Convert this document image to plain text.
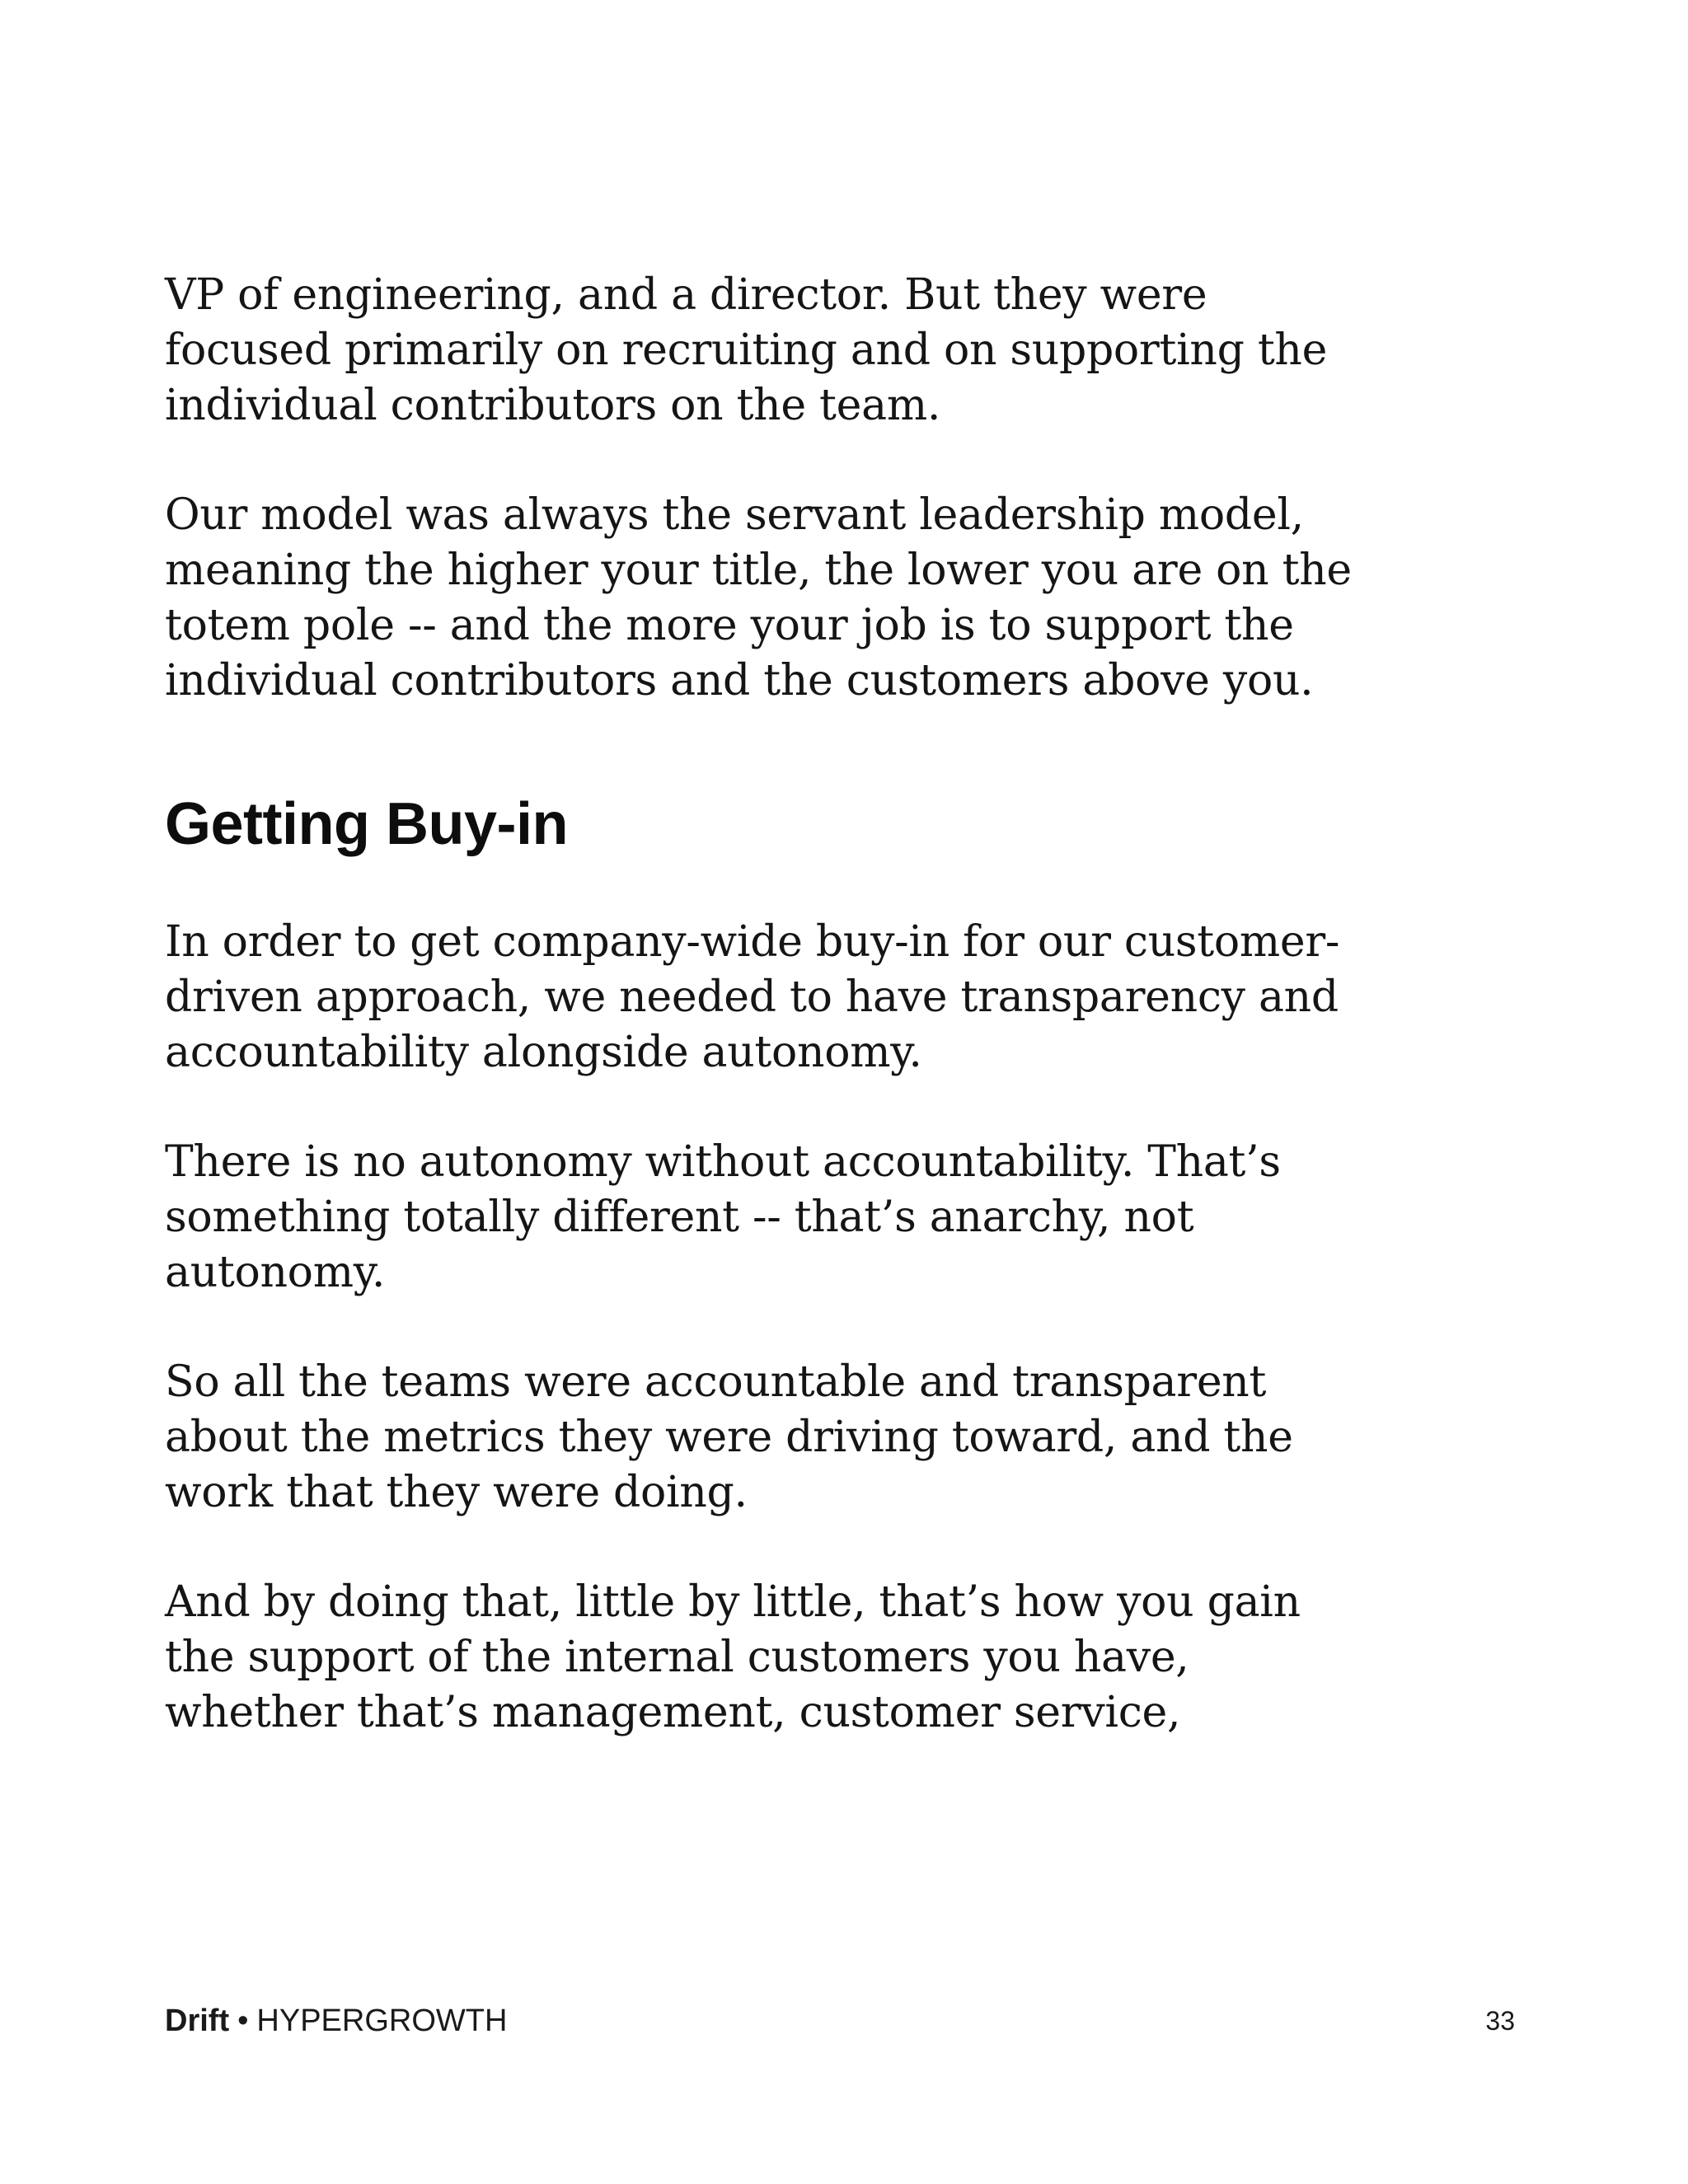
VP of engineering, and a director. But they were
focused primarily on recruiting and on supporting the
individual contributors on the team.

Our model was always the servant leadership model,
meaning the higher your title, the lower you are on the
totem pole -- and the more your job is to support the
individual contributors and the customers above you.

Getting Buy-in

In order to get company-wide buy-in for our customer-
driven approach, we needed to have transparency and
accountability alongside autonomy.

There is no autonomy without accountability. That’s
something totally different -- that’s anarchy, not
autonomy.

So all the teams were accountable and transparent
about the metrics they were driving toward, and the
work that they were doing.

And by doing that, little by little, that’s how you gain
the support of the internal customers you have,
whether that’s management, customer service,

Drift • HYPERGROWTH	33
